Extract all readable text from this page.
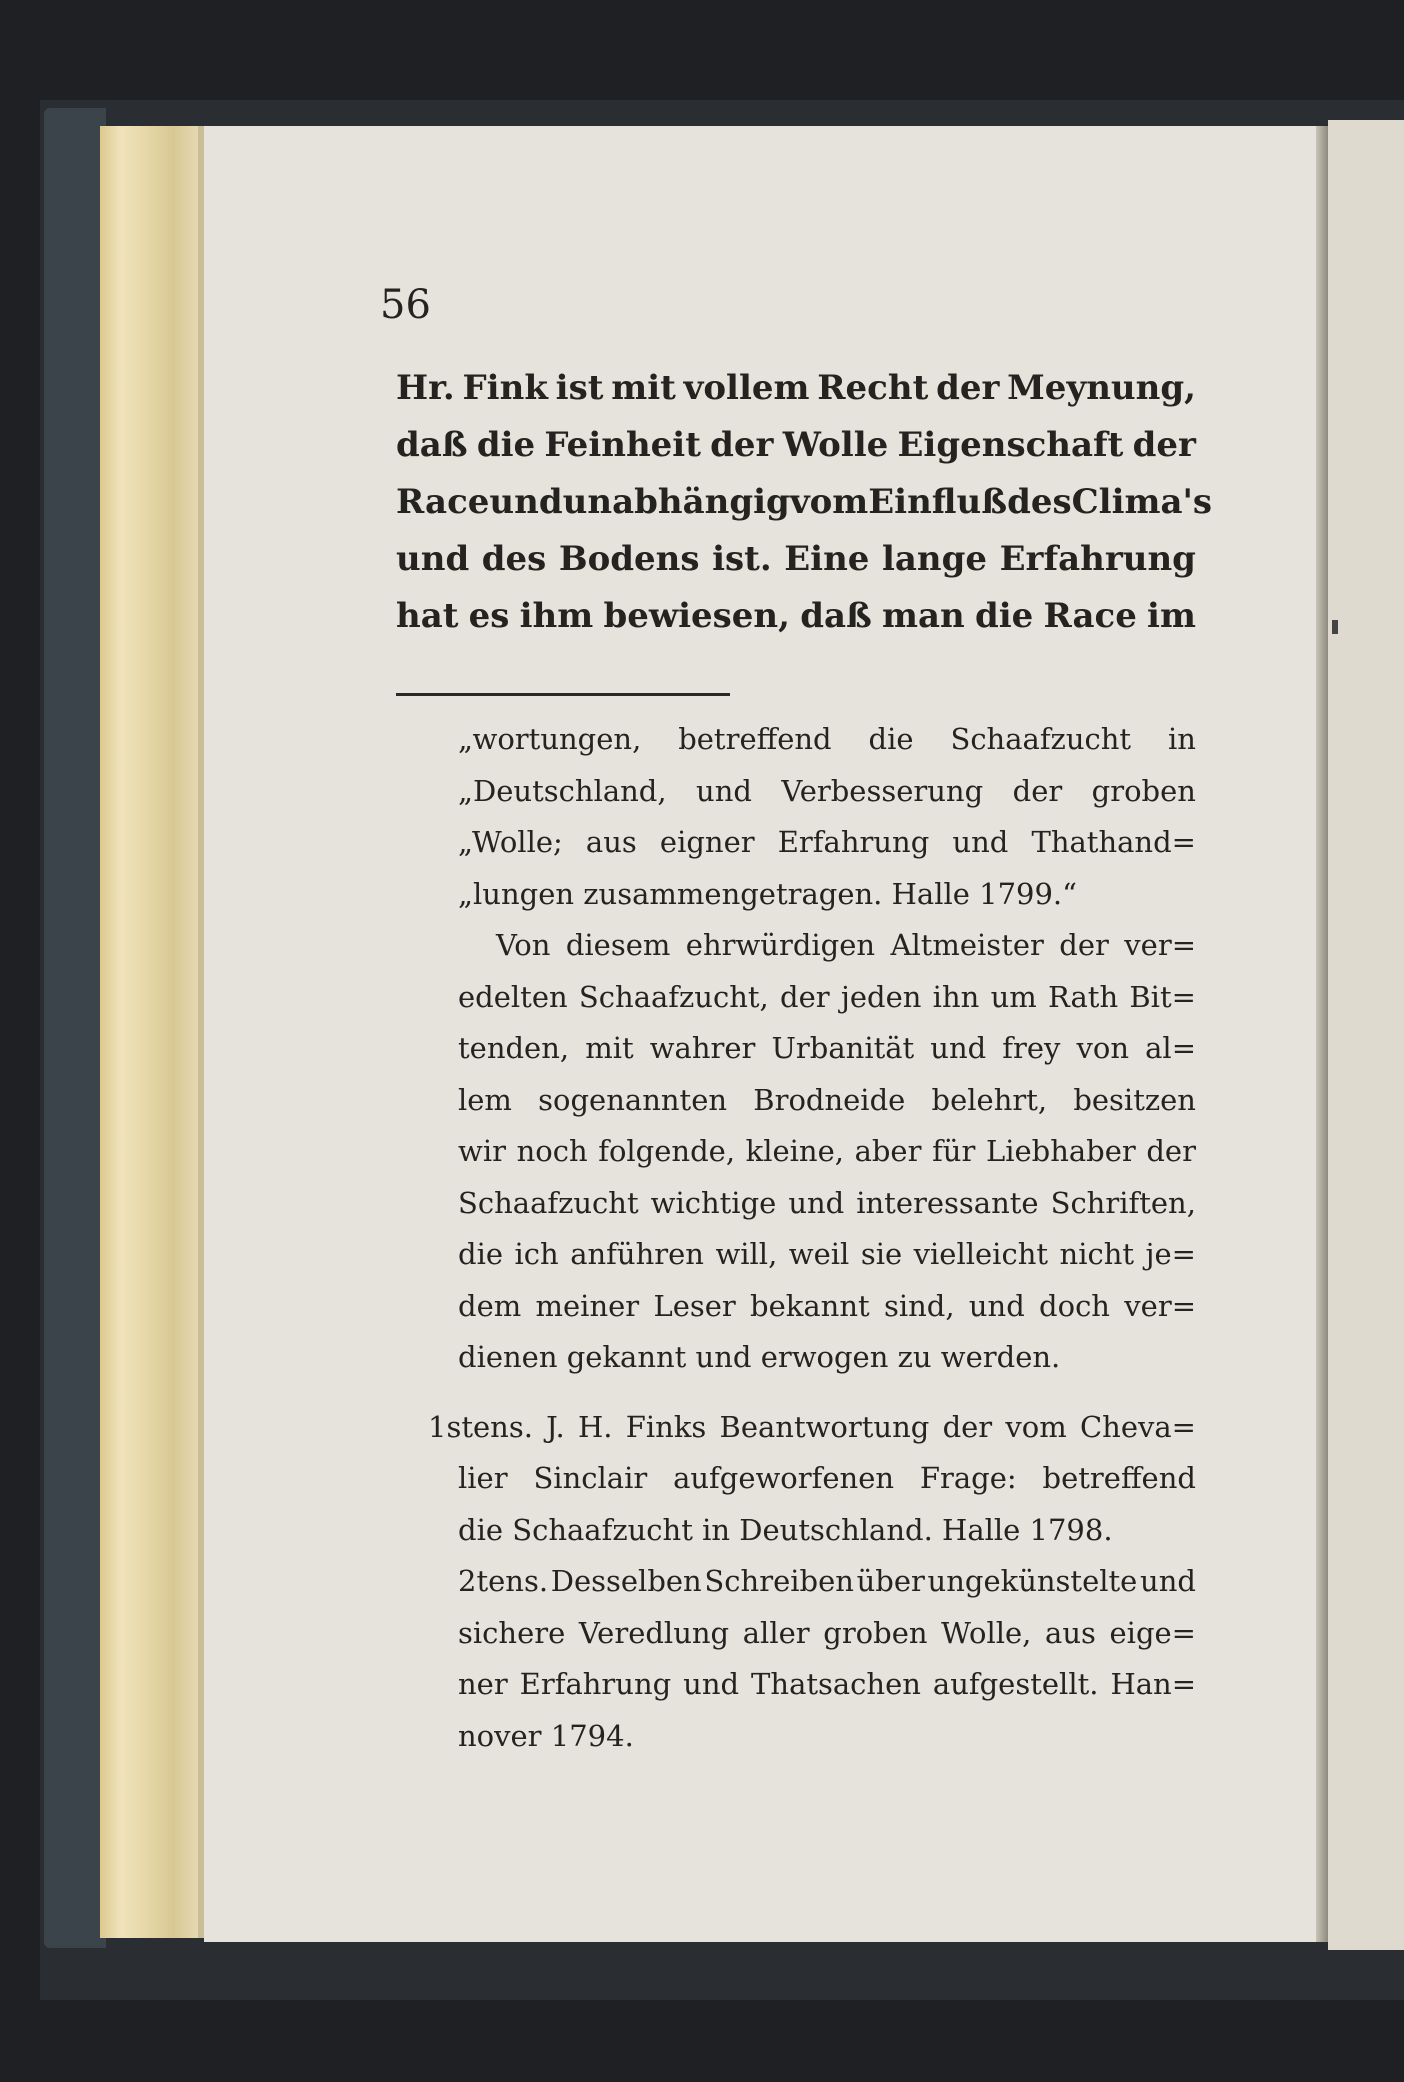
56
Hr. Fink ist mit vollem Recht der Meynung,
daß die Feinheit der Wolle Eigenschaft der
Race und unabhängig vom Einfluß des Clima's
und des Bodens ist. Eine lange Erfahrung
hat es ihm bewiesen, daß man die Race im
„wortungen, betreffend die Schaafzucht in
„Deutschland, und Verbesserung der groben
„Wolle; aus eigner Erfahrung und Thathand=
„lungen zusammengetragen. Halle 1799.“
Von diesem ehrwürdigen Altmeister der ver=
edelten Schaafzucht, der jeden ihn um Rath Bit=
tenden, mit wahrer Urbanität und frey von al=
lem sogenannten Brodneide belehrt, besitzen
wir noch folgende, kleine, aber für Liebhaber der
Schaafzucht wichtige und interessante Schriften,
die ich anführen will, weil sie vielleicht nicht je=
dem meiner Leser bekannt sind, und doch ver=
dienen gekannt und erwogen zu werden.
1stens. J. H. Finks Beantwortung der vom Cheva=
lier Sinclair aufgeworfenen Frage: betreffend
die Schaafzucht in Deutschland. Halle 1798.
2tens. Desselben Schreiben über ungekünstelte und
sichere Veredlung aller groben Wolle, aus eige=
ner Erfahrung und Thatsachen aufgestellt. Han=
nover 1794.
